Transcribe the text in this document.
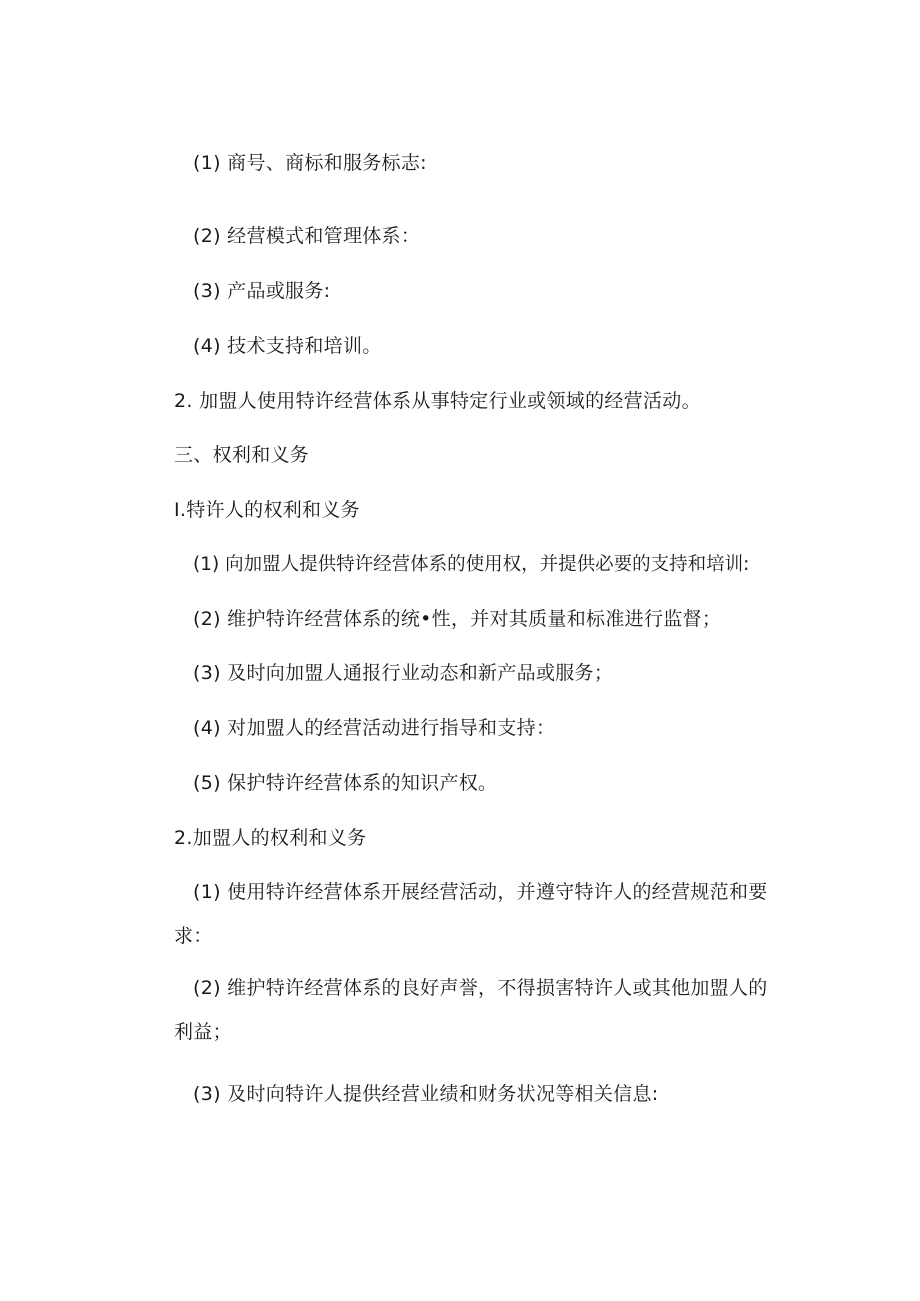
(1) 商号、商标和服务标志:
(2) 经营模式和管理体系：
(3) 产品或服务:
(4) 技术支持和培训。
2. 加盟人使用特许经营体系从事特定行业或领域的经营活动。
三、权利和义务
I.特许人的权利和义务
(1) 向加盟人提供特许经营体系的使用权，并提供必要的支持和培训:
(2) 维护特许经营体系的统•性，并对其质量和标准进行监督；
(3) 及时向加盟人通报行业动态和新产品或服务；
(4) 对加盟人的经营活动进行指导和支持：
(5) 保护特许经营体系的知识产权。
2.加盟人的权利和义务
(1) 使用特许经营体系开展经营活动，并遵守特许人的经营规范和要求：
(2) 维护特许经营体系的良好声誉，不得损害特许人或其他加盟人的利益；
(3) 及时向特许人提供经营业绩和财务状况等相关信息:
